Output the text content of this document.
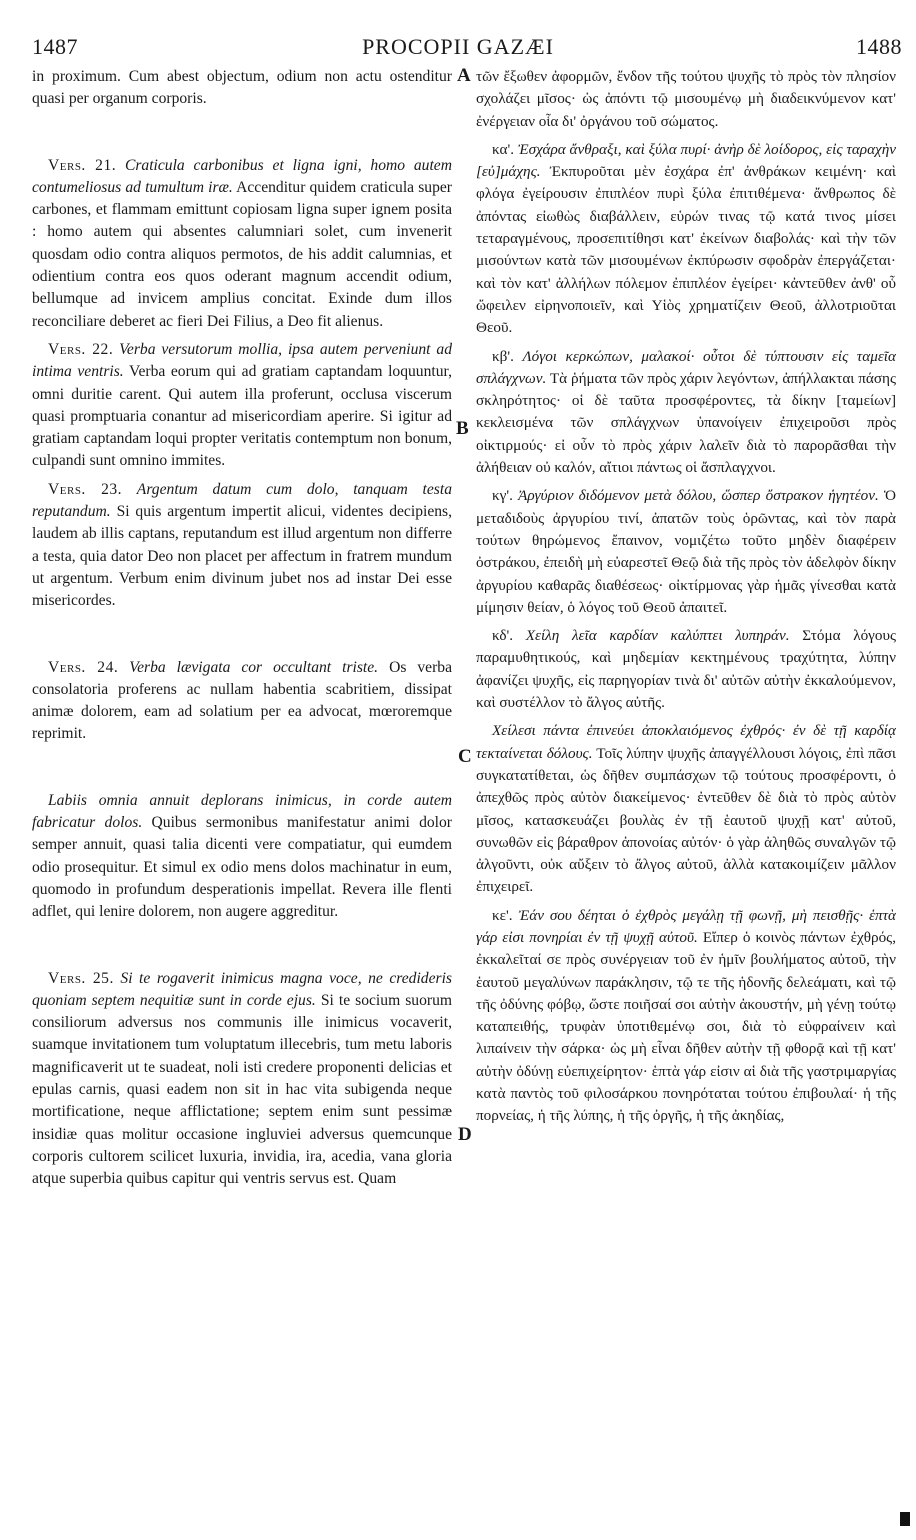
1487	PROCOPII GAZÆI	1488
A
B
C
D

in proximum. Cum abest objectum, odium non actu ostenditur quasi per organum corporis.

Vers. 21. Craticula carbonibus et ligna igni, homo autem contumeliosus ad tumultum iræ. Accenditur quidem craticula super carbones, et flammam emittunt copiosam ligna super ignem posita : homo autem qui absentes calumniari solet, cum invenerit quosdam odio contra aliquos permotos, de his addit calumnias, et odientium contra eos quos oderant magnum accendit odium, bellumque ad invicem amplius concitat. Exinde dum illos reconciliare deberet ac fieri Dei Filius, a Deo fit alienus.

Vers. 22. Verba versutorum mollia, ipsa autem perveniunt ad intima ventris. Verba eorum qui ad gratiam captandam loquuntur, omni duritie carent. Qui autem illa proferunt, occlusa viscerum quasi promptuaria conantur ad misericordiam aperire. Si igitur ad gratiam captandam loqui propter veritatis contemptum non bonum, culpandi sunt omnino immites.

Vers. 23. Argentum datum cum dolo, tanquam testa reputandum. Si quis argentum impertit alicui, videntes decipiens, laudem ab illis captans, reputandum est illud argentum non differre a testa, quia dator Deo non placet per affectum in fratrem mundum ut argentum. Verbum enim divinum jubet nos ad instar Dei esse misericordes.

Vers. 24. Verba lævigata cor occultant triste. Os verba consolatoria proferens ac nullam habentia scabritiem, dissipat animæ dolorem, eam ad solatium per ea advocat, mœroremque reprimit.

Labiis omnia annuit deplorans inimicus, in corde autem fabricatur dolos. Quibus sermonibus manifestatur animi dolor semper annuit, quasi talia dicenti vere compatiatur, qui eumdem odio prosequitur. Et simul ex odio mens dolos machinatur in eum, quomodo in profundum desperationis impellat. Revera ille flenti adflet, qui lenire dolorem, non augere aggreditur.

Vers. 25. Si te rogaverit inimicus magna voce, ne credideris quoniam septem nequitiæ sunt in corde ejus. Si te socium suorum consiliorum adversus nos communis ille inimicus vocaverit, suamque invitationem tum voluptatum illecebris, tum metu laboris magnificaverit ut te suadeat, noli isti credere proponenti delicias et epulas carnis, quasi eadem non sit in hac vita subigenda neque mortificatione, neque afflictatione; septem enim sunt pessimæ insidiæ quas molitur occasione ingluviei adversus quemcunque corporis cultorem scilicet luxuria, invidia, ira, acedia, vana gloria atque superbia quibus capitur qui ventris servus est. Quam

τῶν ἔξωθεν ἀφορμῶν, ἔνδον τῆς τούτου ψυχῆς τὸ πρὸς τὸν πλησίον σχολάζει μῖσος· ὡς ἀπόντι τῷ μισουμένῳ μὴ διαδεικνύμενον κατ' ἐνέργειαν οἷα δι' ὀργάνου τοῦ σώματος.

κα'. Ἐσχάρα ἄνθραξι, καὶ ξύλα πυρί· ἀνὴρ δὲ λοίδορος, εἰς ταραχὴν [εὐ]μάχης. Ἐκπυροῦται μὲν ἐσχάρα ἐπ' ἀνθράκων κειμένη· καὶ φλόγα ἐγείρουσιν ἐπιπλέον πυρὶ ξύλα ἐπιτιθέμενα· ἄνθρωπος δὲ ἀπόντας εἰωθὼς διαβάλλειν, εὑρών τινας τῷ κατά τινος μίσει τεταραγμένους, προσεπιτίθησι κατ' ἐκείνων διαβολάς· καὶ τὴν τῶν μισούντων κατὰ τῶν μισουμένων ἐκπύρωσιν σφοδρὰν ἐπεργάζεται· καὶ τὸν κατ' ἀλλήλων πόλεμον ἐπιπλέον ἐγείρει· κἀντεῦθεν ἀνθ' οὗ ὤφειλεν εἰρηνοποιεῖν, καὶ Υἱὸς χρηματίζειν Θεοῦ, ἀλλοτριοῦται Θεοῦ.

κβ'. Λόγοι κερκώπων, μαλακοί· οὗτοι δὲ τύπτουσιν εἰς ταμεῖα σπλάγχνων. Τὰ ῥήματα τῶν πρὸς χάριν λεγόντων, ἀπήλλακται πάσης σκληρότητος· οἱ δὲ ταῦτα προσφέροντες, τὰ δίκην [ταμείων] κεκλεισμένα τῶν σπλάγχνων ὑπανοίγειν ἐπιχειροῦσι πρὸς οἰκτιρμούς· εἰ οὖν τὸ πρὸς χάριν λαλεῖν διὰ τὸ παρορᾶσθαι τὴν ἀλήθειαν οὐ καλόν, αἴτιοι πάντως οἱ ἄσπλαγχνοι.

κγ'. Ἀργύριον διδόμενον μετὰ δόλου, ὥσπερ ὄστρακον ἡγητέον. Ὁ μεταδιδοὺς ἀργυρίου τινί, ἀπατῶν τοὺς ὁρῶντας, καὶ τὸν παρὰ τούτων θηρώμενος ἔπαινον, νομιζέτω τοῦτο μηδὲν διαφέρειν ὀστράκου, ἐπειδὴ μὴ εὐαρεστεῖ Θεῷ διὰ τῆς πρὸς τὸν ἀδελφὸν δίκην ἀργυρίου καθαρᾶς διαθέσεως· οἰκτίρμονας γὰρ ἡμᾶς γίνεσθαι κατὰ μίμησιν θείαν, ὁ λόγος τοῦ Θεοῦ ἀπαιτεῖ.

κδ'. Χείλη λεῖα καρδίαν καλύπτει λυπηράν. Στόμα λόγους παραμυθητικούς, καὶ μηδεμίαν κεκτημένους τραχύτητα, λύπην ἀφανίζει ψυχῆς, εἰς παρηγορίαν τινὰ δι' αὐτῶν αὐτὴν ἐκκαλούμενον, καὶ συστέλλον τὸ ἄλγος αὐτῆς.

Χείλεσι πάντα ἐπινεύει ἀποκλαιόμενος ἐχθρός· ἐν δὲ τῇ καρδίᾳ τεκταίνεται δόλους. Τοῖς λύπην ψυχῆς ἀπαγγέλλουσι λόγοις, ἐπὶ πᾶσι συγκατατίθεται, ὡς δῆθεν συμπάσχων τῷ τούτους προσφέροντι, ὁ ἀπεχθῶς πρὸς αὐτὸν διακείμενος· ἐντεῦθεν δὲ διὰ τὸ πρὸς αὐτὸν μῖσος, κατασκευάζει βουλὰς ἐν τῇ ἑαυτοῦ ψυχῇ κατ' αὐτοῦ, συνωθῶν εἰς βάραθρον ἀπονοίας αὐτόν· ὁ γὰρ ἀληθῶς συναλγῶν τῷ ἀλγοῦντι, οὐκ αὔξειν τὸ ἄλγος αὐτοῦ, ἀλλὰ κατακοιμίζειν μᾶλλον ἐπιχειρεῖ.

κε'. Ἐάν σου δέηται ὁ ἐχθρὸς μεγάλῃ τῇ φωνῇ, μὴ πεισθῇς· ἑπτὰ γάρ εἰσι πονηρίαι ἐν τῇ ψυχῇ αὐτοῦ. Εἴπερ ὁ κοινὸς πάντων ἐχθρός, ἐκκαλεῖταί σε πρὸς συνέργειαν τοῦ ἐν ἡμῖν βουλήματος αὐτοῦ, τὴν ἑαυτοῦ μεγαλύνων παράκλησιν, τῷ τε τῆς ἡδονῆς δελεάματι, καὶ τῷ τῆς ὀδύνης φόβῳ, ὥστε ποιῆσαί σοι αὐτὴν ἀκουστήν, μὴ γένῃ τούτῳ καταπειθής, τρυφὰν ὑποτιθεμένῳ σοι, διὰ τὸ εὐφραίνειν καὶ λιπαίνειν τὴν σάρκα· ὡς μὴ εἶναι δῆθεν αὐτὴν τῇ φθορᾷ καὶ τῇ κατ' αὐτὴν ὀδύνῃ εὐεπιχείρητον· ἑπτὰ γάρ εἰσιν αἱ διὰ τῆς γαστριμαργίας κατὰ παντὸς τοῦ φιλοσάρκου πονηρόταται τούτου ἐπιβουλαί· ἡ τῆς πορνείας, ἡ τῆς λύπης, ἡ τῆς ὀργῆς, ἡ τῆς ἀκηδίας,
